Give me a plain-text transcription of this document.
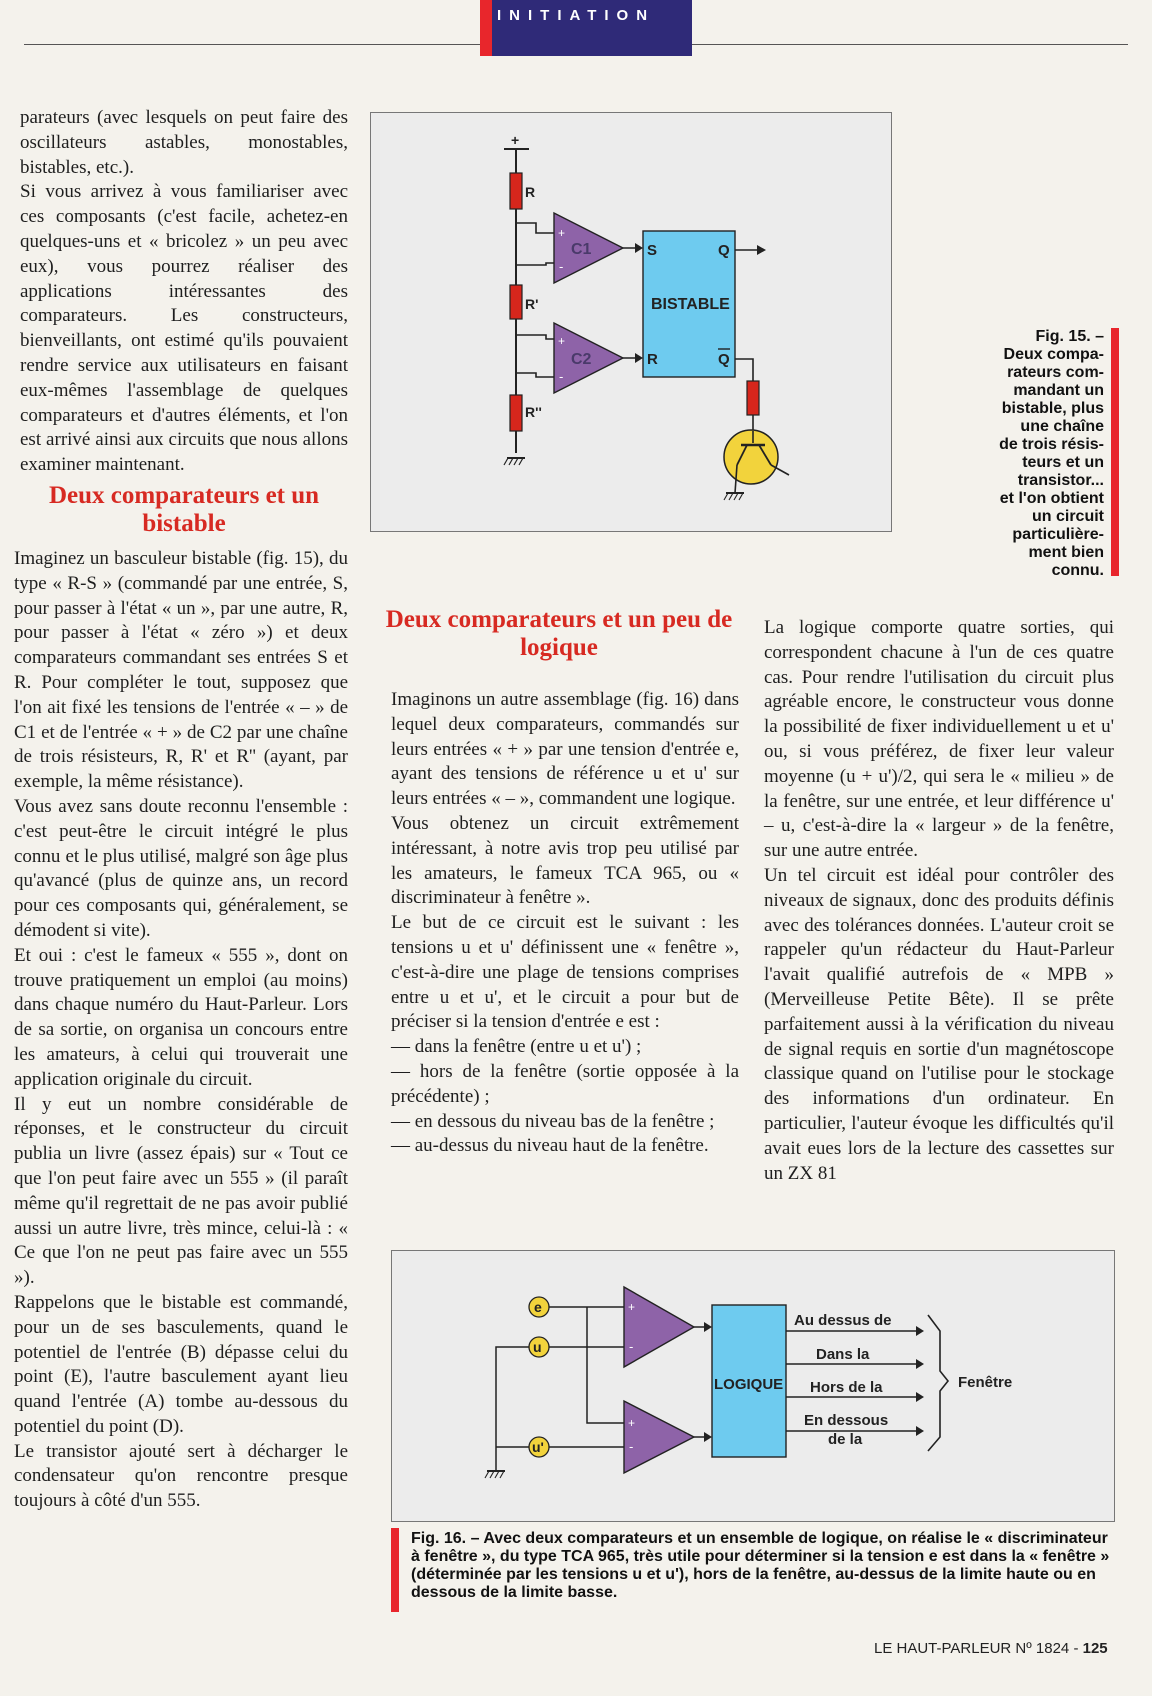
INITIATION

parateurs (avec lesquels on peut faire des oscillateurs astables, monostables, bistables, etc.).

Si vous arrivez à vous familiariser avec ces composants (c'est facile, achetez-en quelques-uns et « bricolez » un peu avec eux), vous pourrez réaliser des applications intéressantes des comparateurs. Les constructeurs, bienveillants, ont estimé qu'ils pouvaient rendre service aux utilisateurs en faisant eux-mêmes l'assemblage de quelques comparateurs et d'autres éléments, et l'on est arrivé ainsi aux circuits que nous allons examiner maintenant.

Deux comparateurs et un bistable

Imaginez un basculeur bistable (fig. 15), du type « R-S » (commandé par une entrée, S, pour passer à l'état « un », par une autre, R, pour passer à l'état « zéro ») et deux comparateurs commandant ses entrées S et R. Pour compléter le tout, supposez que l'on ait fixé les tensions de l'entrée « – » de C1 et de l'entrée « + » de C2 par une chaîne de trois résisteurs, R, R' et R'' (ayant, par exemple, la même résistance).

Vous avez sans doute reconnu l'ensemble : c'est peut-être le circuit intégré le plus connu et le plus utilisé, malgré son âge plus qu'avancé (plus de quinze ans, un record pour ces composants qui, généralement, se démodent si vite).

Et oui : c'est le fameux « 555 », dont on trouve pratiquement un emploi (au moins) dans chaque numéro du Haut-Parleur. Lors de sa sortie, on organisa un concours entre les amateurs, à celui qui trouverait une application originale du circuit.

Il y eut un nombre considérable de réponses, et le constructeur du circuit publia un livre (assez épais) sur « Tout ce que l'on peut faire avec un 555 » (il paraît même qu'il regrettait de ne pas avoir publié aussi un autre livre, très mince, celui-là : « Ce que l'on ne peut pas faire avec un 555 »).

Rappelons que le bistable est commandé, pour un de ses basculements, quand le potentiel de l'entrée (B) dépasse celui du point (E), l'autre basculement ayant lieu quand l'entrée (A) tombe au-dessous du potentiel du point (D).

Le transistor ajouté sert à décharger le condensateur qu'on rencontre presque toujours à côté d'un 555.

+
R
R'
R''
+
-
+
-
C1
C2
S
R
Q
Q
BISTABLE
Fig. 15. –
Deux compa-
rateurs com-
mandant un
bistable, plus
une chaîne
de trois résis-
teurs et un
transistor...
et l'on obtient
un circuit
particulière-
ment bien
connu.
Deux comparateurs et un peu de logique

Imaginons un autre assemblage (fig. 16) dans lequel deux comparateurs, commandés sur leurs entrées « + » par une tension d'entrée e, ayant des tensions de référence u et u' sur leurs entrées « – », commandent une logique.

Vous obtenez un circuit extrêmement intéressant, à notre avis trop peu utilisé par les amateurs, le fameux TCA 965, ou « discriminateur à fenêtre ».

Le but de ce circuit est le suivant : les tensions u et u' définissent une « fenêtre », c'est-à-dire une plage de tensions comprises entre u et u', et le circuit a pour but de préciser si la tension d'entrée e est :

— dans la fenêtre (entre u et u') ;

— hors de la fenêtre (sortie opposée à la précédente) ;

— en dessous du niveau bas de la fenêtre ;

— au-dessus du niveau haut de la fenêtre.

La logique comporte quatre sorties, qui correspondent chacune à l'un de ces quatre cas. Pour rendre l'utilisation du circuit plus agréable encore, le constructeur vous donne la possibilité de fixer individuellement u et u' ou, si vous préférez, de fixer leur valeur moyenne (u + u')/2, qui sera le « milieu » de la fenêtre, sur une entrée, et leur différence u' – u, c'est-à-dire la « largeur » de la fenêtre, sur une autre entrée.

Un tel circuit est idéal pour contrôler des niveaux de signaux, donc des produits définis avec des tolérances données. L'auteur croit se rappeler qu'un rédacteur du Haut-Parleur l'avait qualifié autrefois de « MPB » (Merveilleuse Petite Bête). Il se prête parfaitement aussi à la vérification du niveau de signal requis en sortie d'un magnétoscope classique quand on l'utilise pour le stockage des informations d'un ordinateur. En particulier, l'auteur évoque les difficultés qu'il avait eues lors de la lecture des cassettes sur un ZX 81

e
u
u'
+
-
+
-
LOGIQUE
Au dessus de
Dans la
Hors de la
En dessous
de la
Fenêtre
Fig. 16. – Avec deux comparateurs et un ensemble de logique, on réalise le « discriminateur à fenêtre », du type TCA 965, très utile pour déterminer si la tension e est dans la « fenêtre » (déterminée par les tensions u et u'), hors de la fenêtre, au-dessus de la limite haute ou en dessous de la limite basse.
LE HAUT-PARLEUR Nº 1824 - 125
